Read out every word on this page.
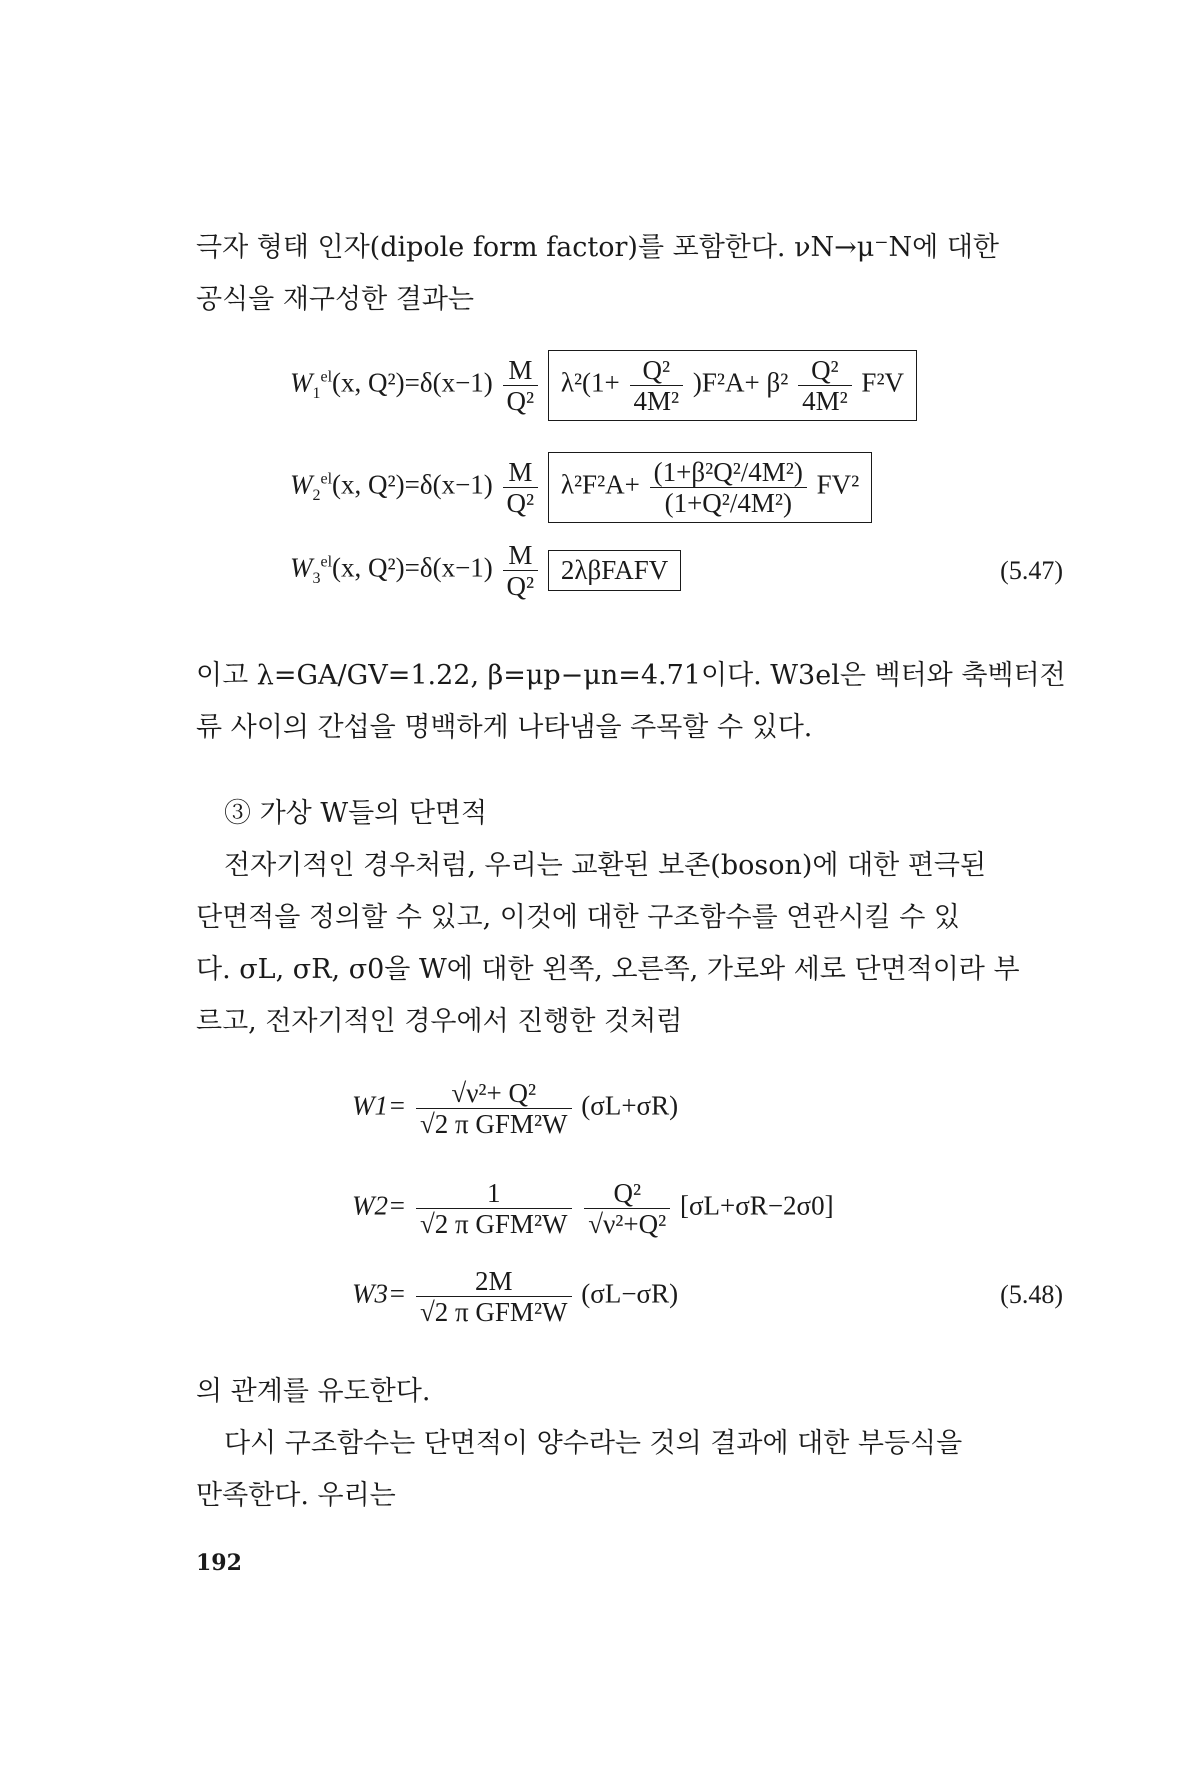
극자 형태 인자(dipole form factor)를 포함한다. νN→μ⁻N에 대한
공식을 재구성한 결과는
$W_1^{el}(x$, $Q^2)=\delta(x-1) \frac{M}{\text{Q²}} \lambda^2(1+ \frac{\text{Q²}}{\text{4M²}} )F^2A+ \beta^2 \frac{\text{Q²}}{\text{4M²}} F^2V$
$W_2^{el}(x$, $Q^2)=\delta(x-1) \frac{M}{\text{Q²}} \lambda^2F^2A+ \frac{\text{(1+β²Q²/4M²)}}{\text{(1+Q²/4M²)}} FV^2$
$W_3^{el}(x$, $Q^2)=\delta(x-1) \frac{M}{\text{Q²}}$ 2λβFAFV	(5.47)
이고 λ=GA/GV=1.22, β=μp−μn=4.71이다. W3el은 벡터와 축벡터전
류 사이의 간섭을 명백하게 나타냄을 주목할 수 있다.
③ 가상 W들의 단면적
전자기적인 경우처럼, 우리는 교환된 보존(boson)에 대한 편극된
단면적을 정의할 수 있고, 이것에 대한 구조함수를 연관시킬 수 있
다. σL, σR, σ0을 W에 대한 왼쪽, 오른쪽, 가로와 세로 단면적이라 부
르고, 전자기적인 경우에서 진행한 것처럼
$W1= \frac{\text{√ν²+ Q²}}{\text{√2 π GFM²W}} (\sigma L+\sigma R)$
$W2= \frac{1}{\text{√2 π GFM²W}}$
$\frac{\text{Q²}}{\text{√ν²+Q²}} [\sigma L+\sigma R-2\sigma 0]$
$W3= \frac{2M}{\text{√2 π GFM²W}} (\sigma L-\sigma R)$	(5.48)
의 관계를 유도한다.
다시 구조함수는 단면적이 양수라는 것의 결과에 대한 부등식을
만족한다. 우리는
192
